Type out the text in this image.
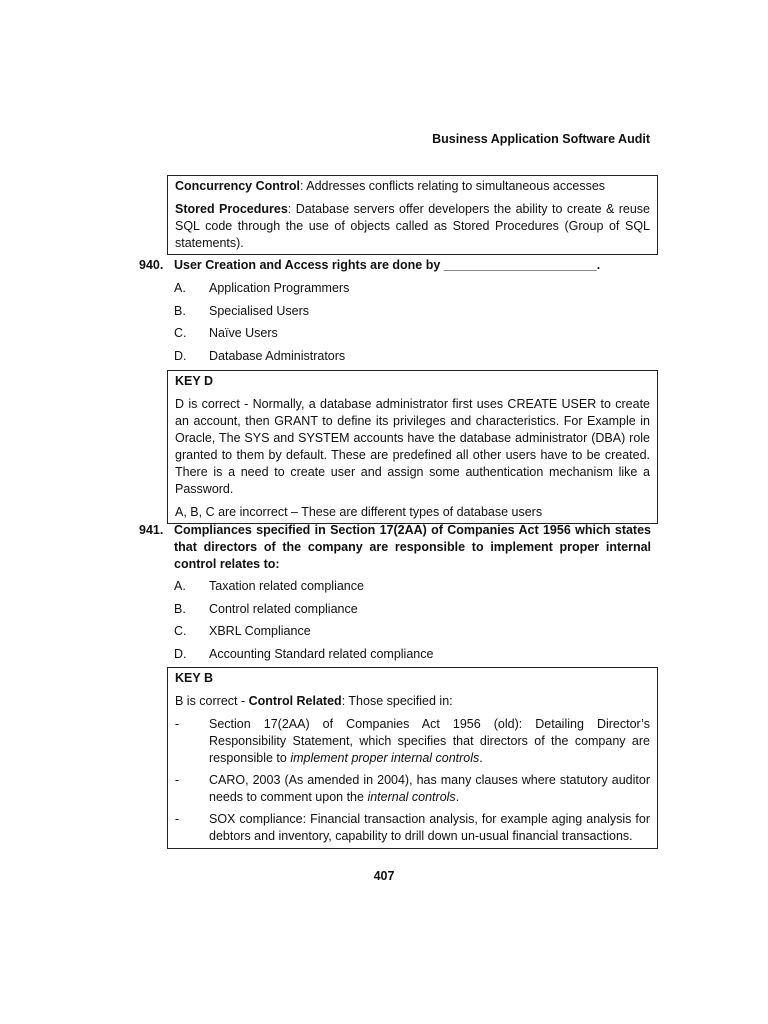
Business Application Software Audit

Concurrency Control: Addresses conflicts relating to simultaneous accesses

Stored Procedures: Database servers offer developers the ability to create & reuse SQL code through the use of objects called as Stored Procedures (Group of SQL statements).

940. User Creation and Access rights are done by ______________________.
A.	Application Programmers
B.	Specialised Users
C.	Naïve Users
D.	Database Administrators

KEY D

D is correct - Normally, a database administrator first uses CREATE USER to create an account, then GRANT to define its privileges and characteristics. For Example in Oracle, The SYS and SYSTEM accounts have the database administrator (DBA) role granted to them by default. These are predefined all other users have to be created. There is a need to create user and assign some authentication mechanism like a Password.

A, B, C are incorrect – These are different types of database users

941. Compliances specified in Section 17(2AA) of Companies Act 1956 which states that directors of the company are responsible to implement proper internal control relates to:
A.	Taxation related compliance
B.	Control related compliance
C.	XBRL Compliance
D.	Accounting Standard related compliance

KEY B

B is correct - Control Related: Those specified in:

-	Section 17(2AA) of Companies Act 1956 (old): Detailing Director’s Responsibility Statement, which specifies that directors of the company are responsible to implement proper internal controls.
-	CARO, 2003 (As amended in 2004), has many clauses where statutory auditor needs to comment upon the internal controls.
-	SOX compliance: Financial transaction analysis, for example aging analysis for debtors and inventory, capability to drill down un-usual financial transactions.
407
